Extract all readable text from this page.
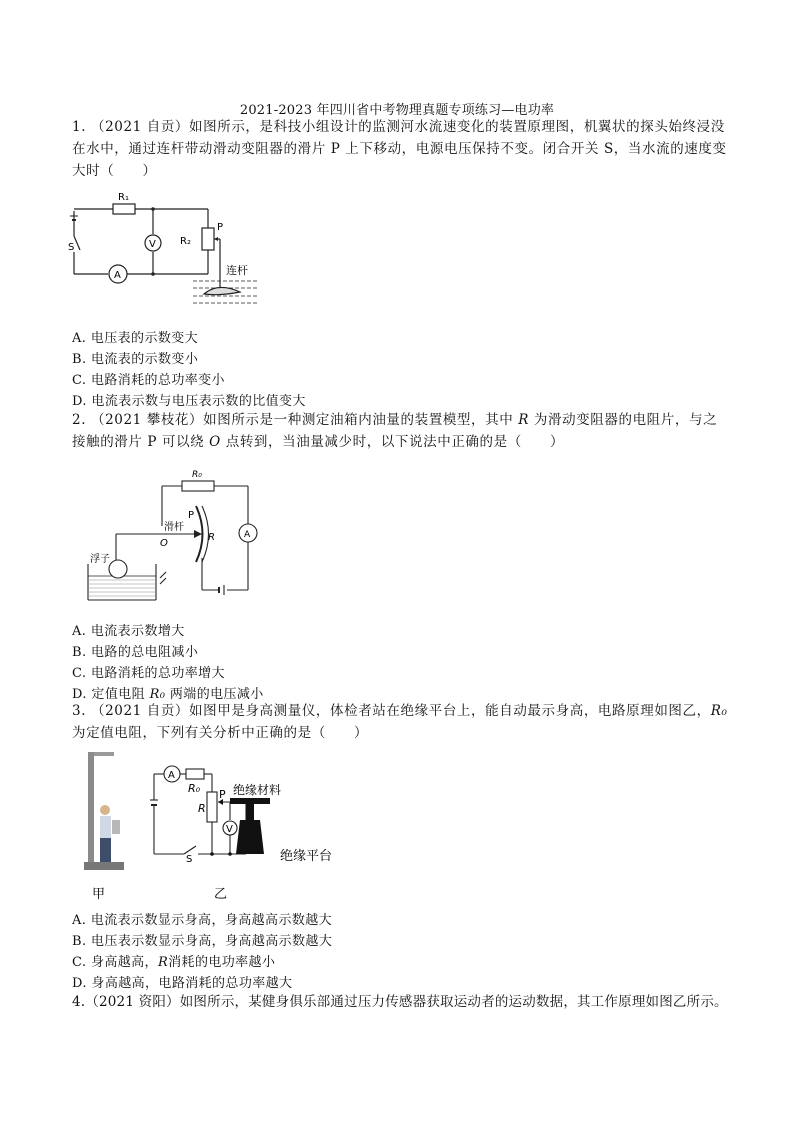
2021-2023 年四川省中考物理真题专项练习—电功率
1. （2021 自贡）如图所示，是科技小组设计的监测河水流速变化的装置原理图，机翼状的探头始终浸没在水中，通过连杆带动滑动变阻器的滑片 P 上下移动，电源电压保持不变。闭合开关 S，当水流的速度变大时（　　）
R₁
R₂
P
V
A
S
连杆
A. 电压表的示数变大
B. 电流表的示数变小
C. 电路消耗的总功率变小
D. 电流表示数与电压表示数的比值变大
2. （2021 攀枝花）如图所示是一种测定油箱内油量的装置模型，其中 R 为滑动变阻器的电阻片，与之接触的滑片 P 可以绕 O 点转到，当油量减少时，以下说法中正确的是（　　）
R₀
滑杆
P
O
R	A
浮子
A. 电流表示数增大
B. 电路的总电阻减小
C. 电路消耗的总功率增大
D. 定值电阻 R₀ 两端的电压减小
3. （2021 自贡）如图甲是身高测量仪，体检者站在绝缘平台上，能自动最示身高，电路原理如图乙，R₀ 为定值电阻，下列有关分析中正确的是（　　）
A
R₀ P
R
V
S
绝缘材料
绝缘平台
甲	乙
A. 电流表示数显示身高，身高越高示数越大
B. 电压表示数显示身高，身高越高示数越大
C. 身高越高，R消耗的电功率越小
D. 身高越高，电路消耗的总功率越大
4.（2021 资阳）如图所示，某健身俱乐部通过压力传感器获取运动者的运动数据，其工作原理如图乙所示。
